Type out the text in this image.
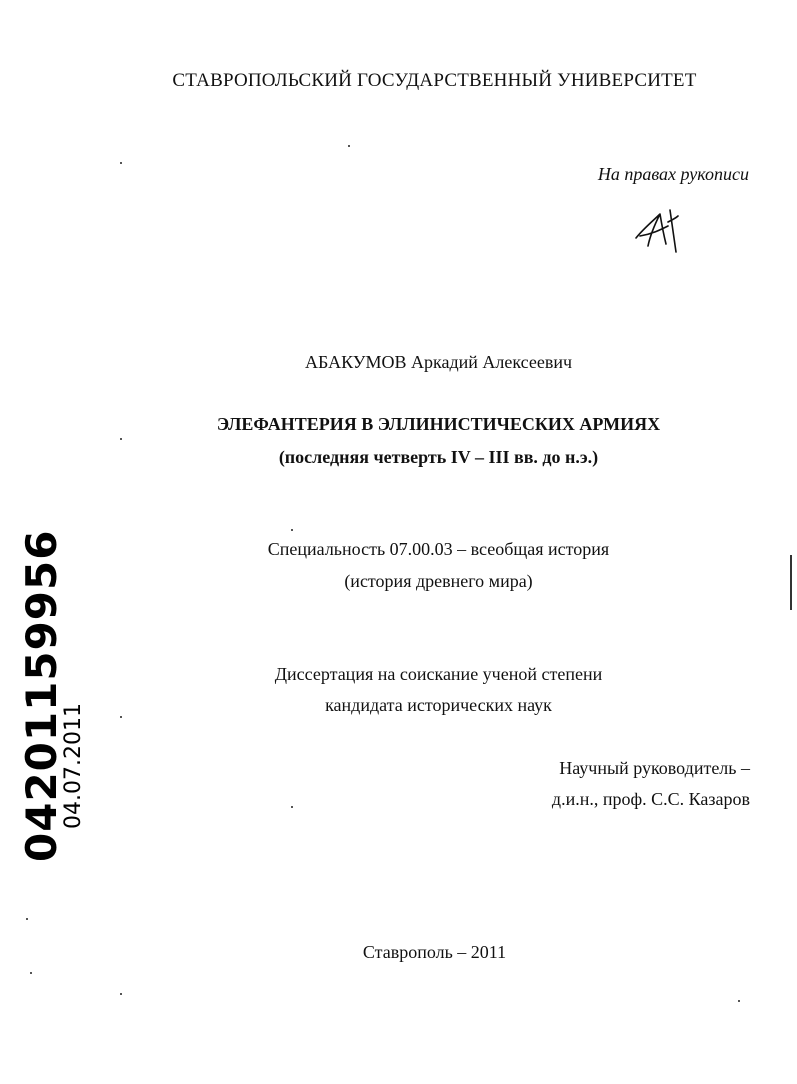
СТАВРОПОЛЬСКИЙ ГОСУДАРСТВЕННЫЙ УНИВЕРСИТЕТ
На правах рукописи
АБАКУМОВ Аркадий Алексеевич
ЭЛЕФАНТЕРИЯ В ЭЛЛИНИСТИЧЕСКИХ АРМИЯХ
(последняя четверть IV – III вв. до н.э.)
Специальность 07.00.03 – всеобщая история
(история древнего мира)
Диссертация на соискание ученой степени
кандидата исторических наук
Научный руководитель –
д.и.н., проф. С.С. Казаров
Ставрополь – 2011
04201159956
04.07.2011
